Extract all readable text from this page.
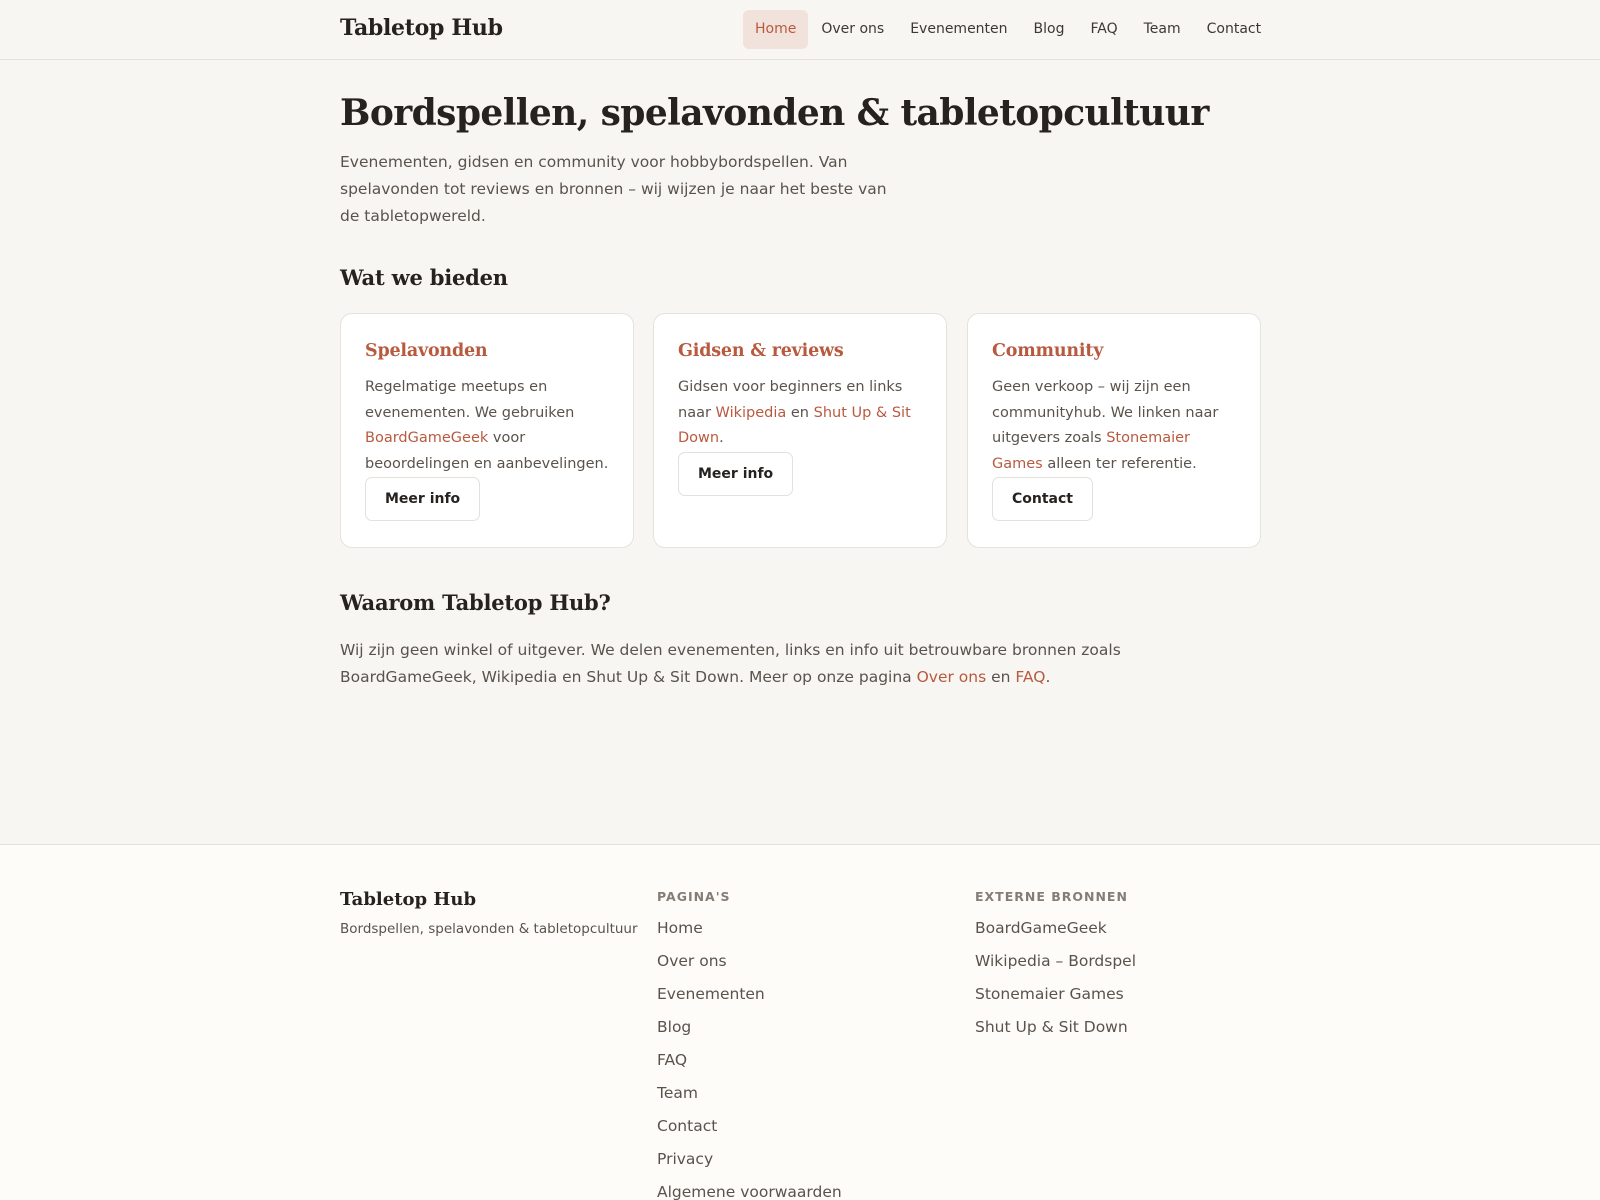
Tabletop Hub	Home	Over ons	Evenementen	Blog	FAQ	Team	Contact
Bordspellen, spelavonden & tabletopcultuur

Evenementen, gidsen en community voor hobbybordspellen. Van spelavonden tot reviews en bronnen – wij wijzen je naar het beste van de tabletopwereld.

Wat we bieden
Spelavonden

Regelmatige meetups en evenementen. We gebruiken BoardGameGeek voor beoordelingen en aanbevelingen.

Meer info
Gidsen & reviews

Gidsen voor beginners en links naar Wikipedia en Shut Up & Sit Down.

Meer info
Community

Geen verkoop – wij zijn een communityhub. We linken naar uitgevers zoals Stonemaier Games alleen ter referentie.

Contact
Waarom Tabletop Hub?

Wij zijn geen winkel of uitgever. We delen evenementen, links en info uit betrouwbare bronnen zoals BoardGameGeek, Wikipedia en Shut Up & Sit Down. Meer op onze pagina Over ons en FAQ.

Tabletop Hub
Bordspellen, spelavonden & tabletopcultuur
PAGINA'S
Home
Over ons
Evenementen
Blog
FAQ
Team
Contact
Privacy
Algemene voorwaarden
EXTERNE BRONNEN
BoardGameGeek
Wikipedia – Bordspel
Stonemaier Games
Shut Up & Sit Down
